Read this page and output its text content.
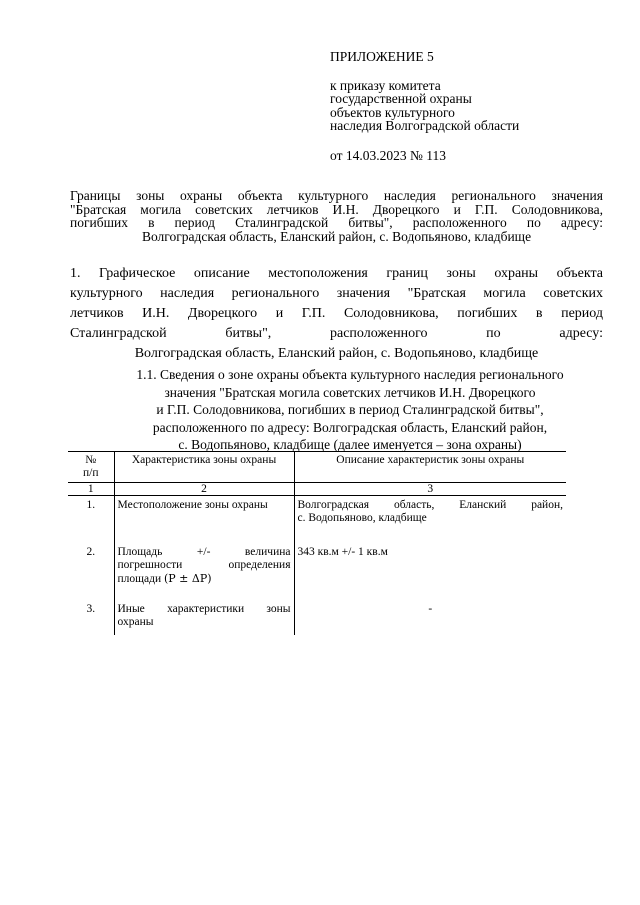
ПРИЛОЖЕНИЕ 5
к приказу комитета
государственной охраны
объектов культурного
наследия Волгоградской области
от 14.03.2023 № 113
Границы зоны охраны объекта культурного наследия регионального значения
"Братская могила советских летчиков И.Н. Дворецкого и Г.П. Солодовникова,
погибших в период Сталинградской битвы", расположенного по адресу:
Волгоградская область, Еланский район, с. Водопьяново, кладбище
1. Графическое описание местоположения границ зоны охраны объекта
культурного наследия регионального значения "Братская могила советских
летчиков И.Н. Дворецкого и Г.П. Солодовникова, погибших в период
Сталинградской битвы", расположенного по адресу:
Волгоградская область, Еланский район, с. Водопьяново, кладбище
1.1. Сведения о зоне охраны объекта культурного наследия регионального
значения "Братская могила советских летчиков И.Н. Дворецкого
и Г.П. Солодовникова, погибших в период Сталинградской битвы",
расположенного по адресу: Волгоградская область, Еланский район,
с. Водопьяново, кладбище (далее именуется – зона охраны)
№
п/п	Характеристика зоны охраны	Описание характеристик зоны охраны
1	2	3
1.	Местоположение зоны охраны	Волгоградская область, Еланский район,
с. Водопьяново, кладбище

2.	Площадь +/- величина
погрешности определения
площади (P ± ΔP)	343 кв.м +/- 1 кв.м

3.	Иные характеристики зоны
охраны	-
